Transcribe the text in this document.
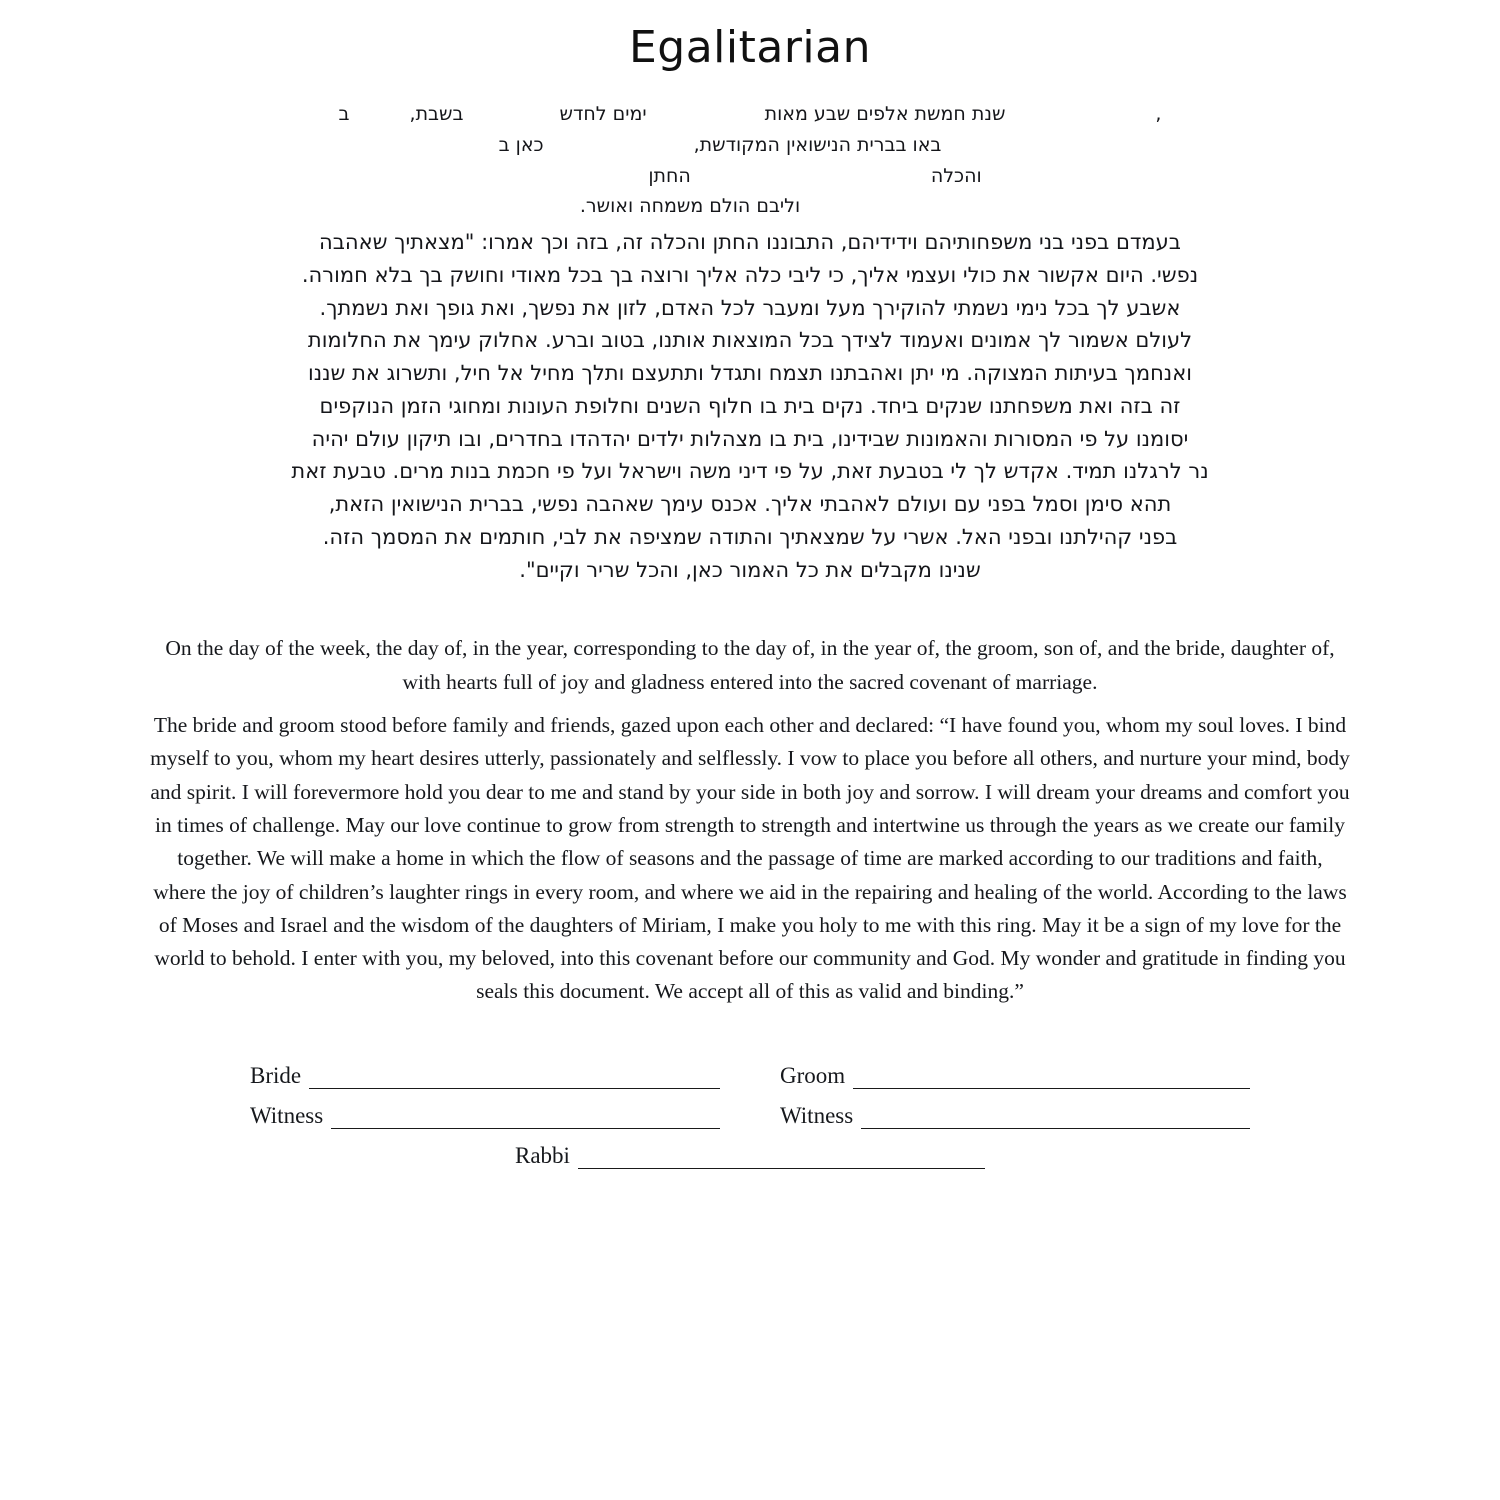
Egalitarian
,
שנת חמשת אלפים שבע מאות
ימים לחדש
בשבת,
ב
באו בברית הנישואין המקודשת,
כאן ב
והכלה
החתן
וליבם הולם משמחה ואושר.
בעמדם בפני בני משפחותיהם וידידיהם, התבוננו החתן והכלה זה, בזה וכך אמרו: "מצאתיך שאהבה
נפשי. היום אקשור את כולי ועצמי אליך, כי ליבי כלה אליך ורוצה בך בכל מאודי וחושק בך בלא חמורה.
אשבע לך בכל נימי נשמתי להוקירך מעל ומעבר לכל האדם, לזון את נפשך, ואת גופך ואת נשמתך.
לעולם אשמור לך אמונים ואעמוד לצידך בכל המוצאות אותנו, בטוב וברע. אחלוק עימך את החלומות
ואנחמך בעיתות המצוקה. מי יתן ואהבתנו תצמח ותגדל ותתעצם ותלך מחיל אל חיל, ותשרוג את שננו
זה בזה ואת משפחתנו שנקים ביחד. נקים בית בו חלוף השנים וחלופת העונות ומחוגי הזמן הנוקפים
יסומנו על פי המסורות והאמונות שבידינו, בית בו מצהלות ילדים יהדהדו בחדרים, ובו תיקון עולם יהיה
נר לרגלנו תמיד. אקדש לך לי בטבעת זאת, על פי דיני משה וישראל ועל פי חכמת בנות מרים. טבעת זאת
תהא סימן וסמל בפני עם ועולם לאהבתי אליך. אכנס עימך שאהבה נפשי, בברית הנישואין הזאת,
בפני קהילתנו ובפני האל. אשרי על שמצאתיך והתודה שמציפה את לבי, חותמים את המסמך הזה.
שנינו מקבלים את כל האמור כאן, והכל שריר וקיים".

On the day of the week, the day of, in the year, corresponding to the day of, in the year of, the groom, son of, and the bride, daughter of, with hearts full of joy and gladness entered into the sacred covenant of marriage.

The bride and groom stood before family and friends, gazed upon each other and declared: “I have found you, whom my soul loves. I bind myself to you, whom my heart desires utterly, passionately and selflessly. I vow to place you before all others, and nurture your mind, body and spirit. I will forevermore hold you dear to me and stand by your side in both joy and sorrow. I will dream your dreams and comfort you in times of challenge. May our love continue to grow from strength to strength and intertwine us through the years as we create our family together. We will make a home in which the flow of seasons and the passage of time are marked according to our traditions and faith, where the joy of children’s laughter rings in every room, and where we aid in the repairing and healing of the world. According to the laws of Moses and Israel and the wisdom of the daughters of Miriam, I make you holy to me with this ring. May it be a sign of my love for the world to behold. I enter with you, my beloved, into this covenant before our community and God. My wonder and gratitude in finding you seals this document. We accept all of this as valid and binding.”

Bride	Groom
Witness	Witness
Rabbi
